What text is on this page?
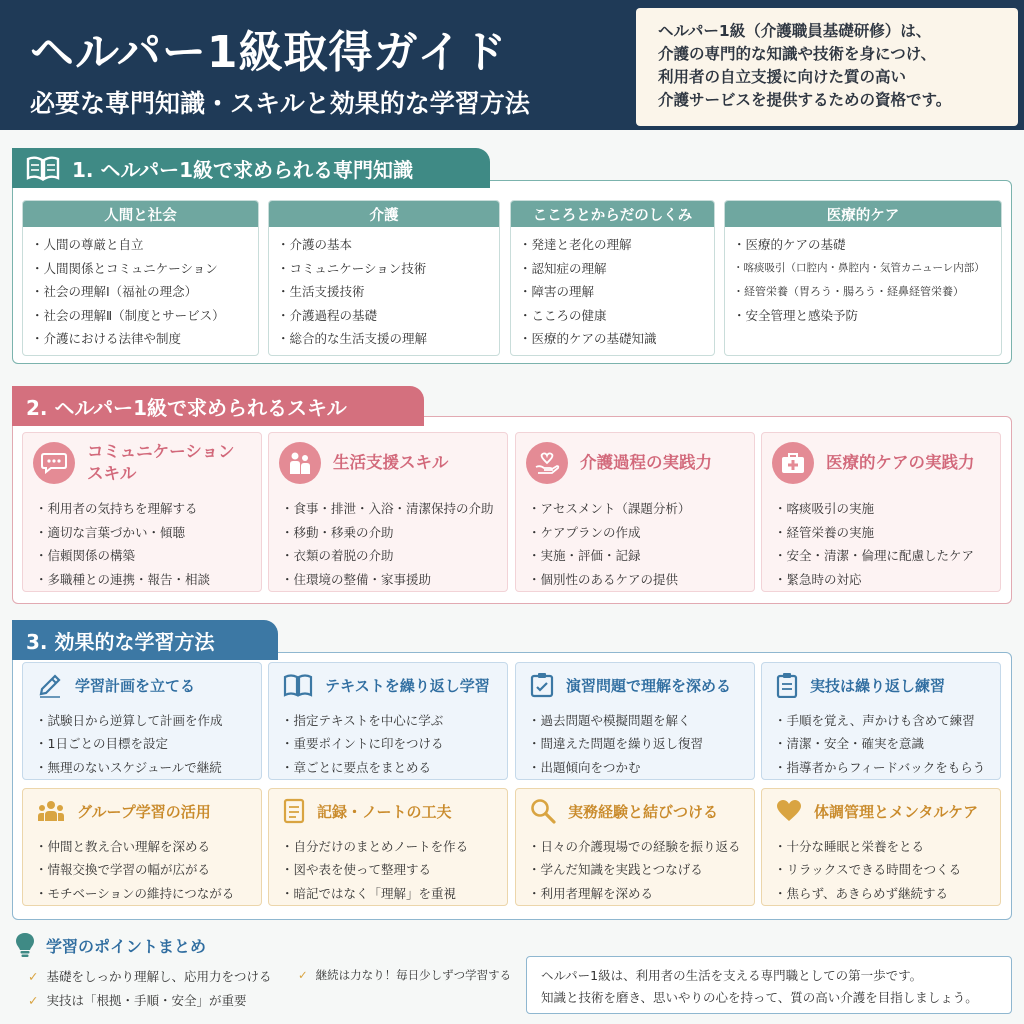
ヘルパー1級取得ガイド
必要な専門知識・スキルと効果的な学習方法
ヘルパー1級（介護職員基礎研修）は、
介護の専門的な知識や技術を身につけ、
利用者の自立支援に向けた質の高い
介護サービスを提供するための資格です。
1. ヘルパー1級で求められる専門知識
人間と社会
・人間の尊厳と自立
・人間関係とコミュニケーション
・社会の理解Ⅰ（福祉の理念）
・社会の理解Ⅱ（制度とサービス）
・介護における法律や制度
介護
・介護の基本
・コミュニケーション技術
・生活支援技術
・介護過程の基礎
・総合的な生活支援の理解
こころとからだのしくみ
・発達と老化の理解
・認知症の理解
・障害の理解
・こころの健康
・医療的ケアの基礎知識
医療的ケア
・医療的ケアの基礎
・喀痰吸引（口腔内・鼻腔内・気管カニューレ内部）
・経管栄養（胃ろう・腸ろう・経鼻経管栄養）
・安全管理と感染予防
2. ヘルパー1級で求められるスキル
コミュニケーション
スキル
・利用者の気持ちを理解する
・適切な言葉づかい・傾聴
・信頼関係の構築
・多職種との連携・報告・相談
生活支援スキル
・食事・排泄・入浴・清潔保持の介助
・移動・移乗の介助
・衣類の着脱の介助
・住環境の整備・家事援助
介護過程の実践力
・アセスメント（課題分析）
・ケアプランの作成
・実施・評価・記録
・個別性のあるケアの提供
医療的ケアの実践力
・喀痰吸引の実施
・経管栄養の実施
・安全・清潔・倫理に配慮したケア
・緊急時の対応
3. 効果的な学習方法
学習計画を立てる
・試験日から逆算して計画を作成
・1日ごとの目標を設定
・無理のないスケジュールで継続
テキストを繰り返し学習
・指定テキストを中心に学ぶ
・重要ポイントに印をつける
・章ごとに要点をまとめる
演習問題で理解を深める
・過去問題や模擬問題を解く
・間違えた問題を繰り返し復習
・出題傾向をつかむ
実技は繰り返し練習
・手順を覚え、声かけも含めて練習
・清潔・安全・確実を意識
・指導者からフィードバックをもらう
グループ学習の活用
・仲間と教え合い理解を深める
・情報交換で学習の幅が広がる
・モチベーションの維持につながる
記録・ノートの工夫
・自分だけのまとめノートを作る
・図や表を使って整理する
・暗記ではなく「理解」を重視
実務経験と結びつける
・日々の介護現場での経験を振り返る
・学んだ知識を実践とつなげる
・利用者理解を深める
体調管理とメンタルケア
・十分な睡眠と栄養をとる
・リラックスできる時間をつくる
・焦らず、あきらめず継続する
学習のポイントまとめ
✓ 基礎をしっかり理解し、応用力をつける
✓ 実技は「根拠・手順・安全」が重要
✓ 継続は力なり！毎日少しずつ学習する ヘルパー1級は、利用者の生活を支える専門職としての第一歩です。
知識と技術を磨き、思いやりの心を持って、質の高い介護を目指しましょう。
